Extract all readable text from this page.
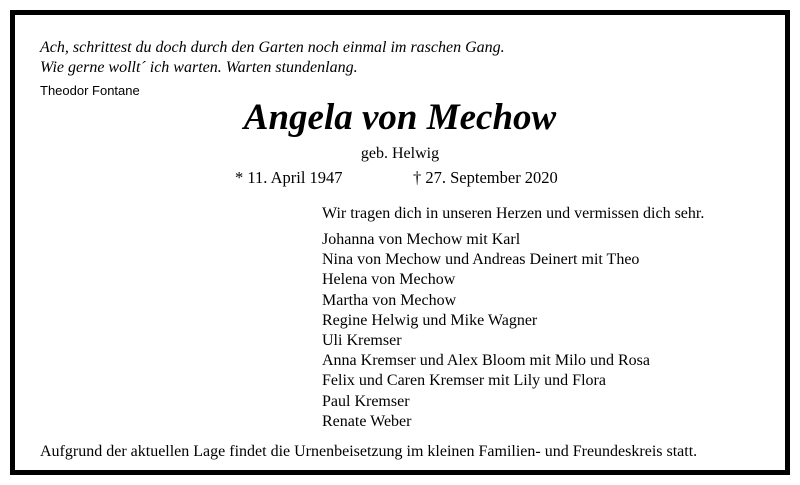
Ach, schrittest du doch durch den Garten noch einmal im raschen Gang.
Wie gerne wollt´ ich warten. Warten stundenlang.
Theodor Fontane
Angela von Mechow
geb. Helwig
* 11. April 1947	† 27. September 2020
Wir tragen dich in unseren Herzen und vermissen dich sehr.
Johanna von Mechow mit Karl
Nina von Mechow und Andreas Deinert mit Theo
Helena von Mechow
Martha von Mechow
Regine Helwig und Mike Wagner
Uli Kremser
Anna Kremser und Alex Bloom mit Milo und Rosa
Felix und Caren Kremser mit Lily und Flora
Paul Kremser
Renate Weber
Aufgrund der aktuellen Lage findet die Urnenbeisetzung im kleinen Familien- und Freundeskreis statt.
